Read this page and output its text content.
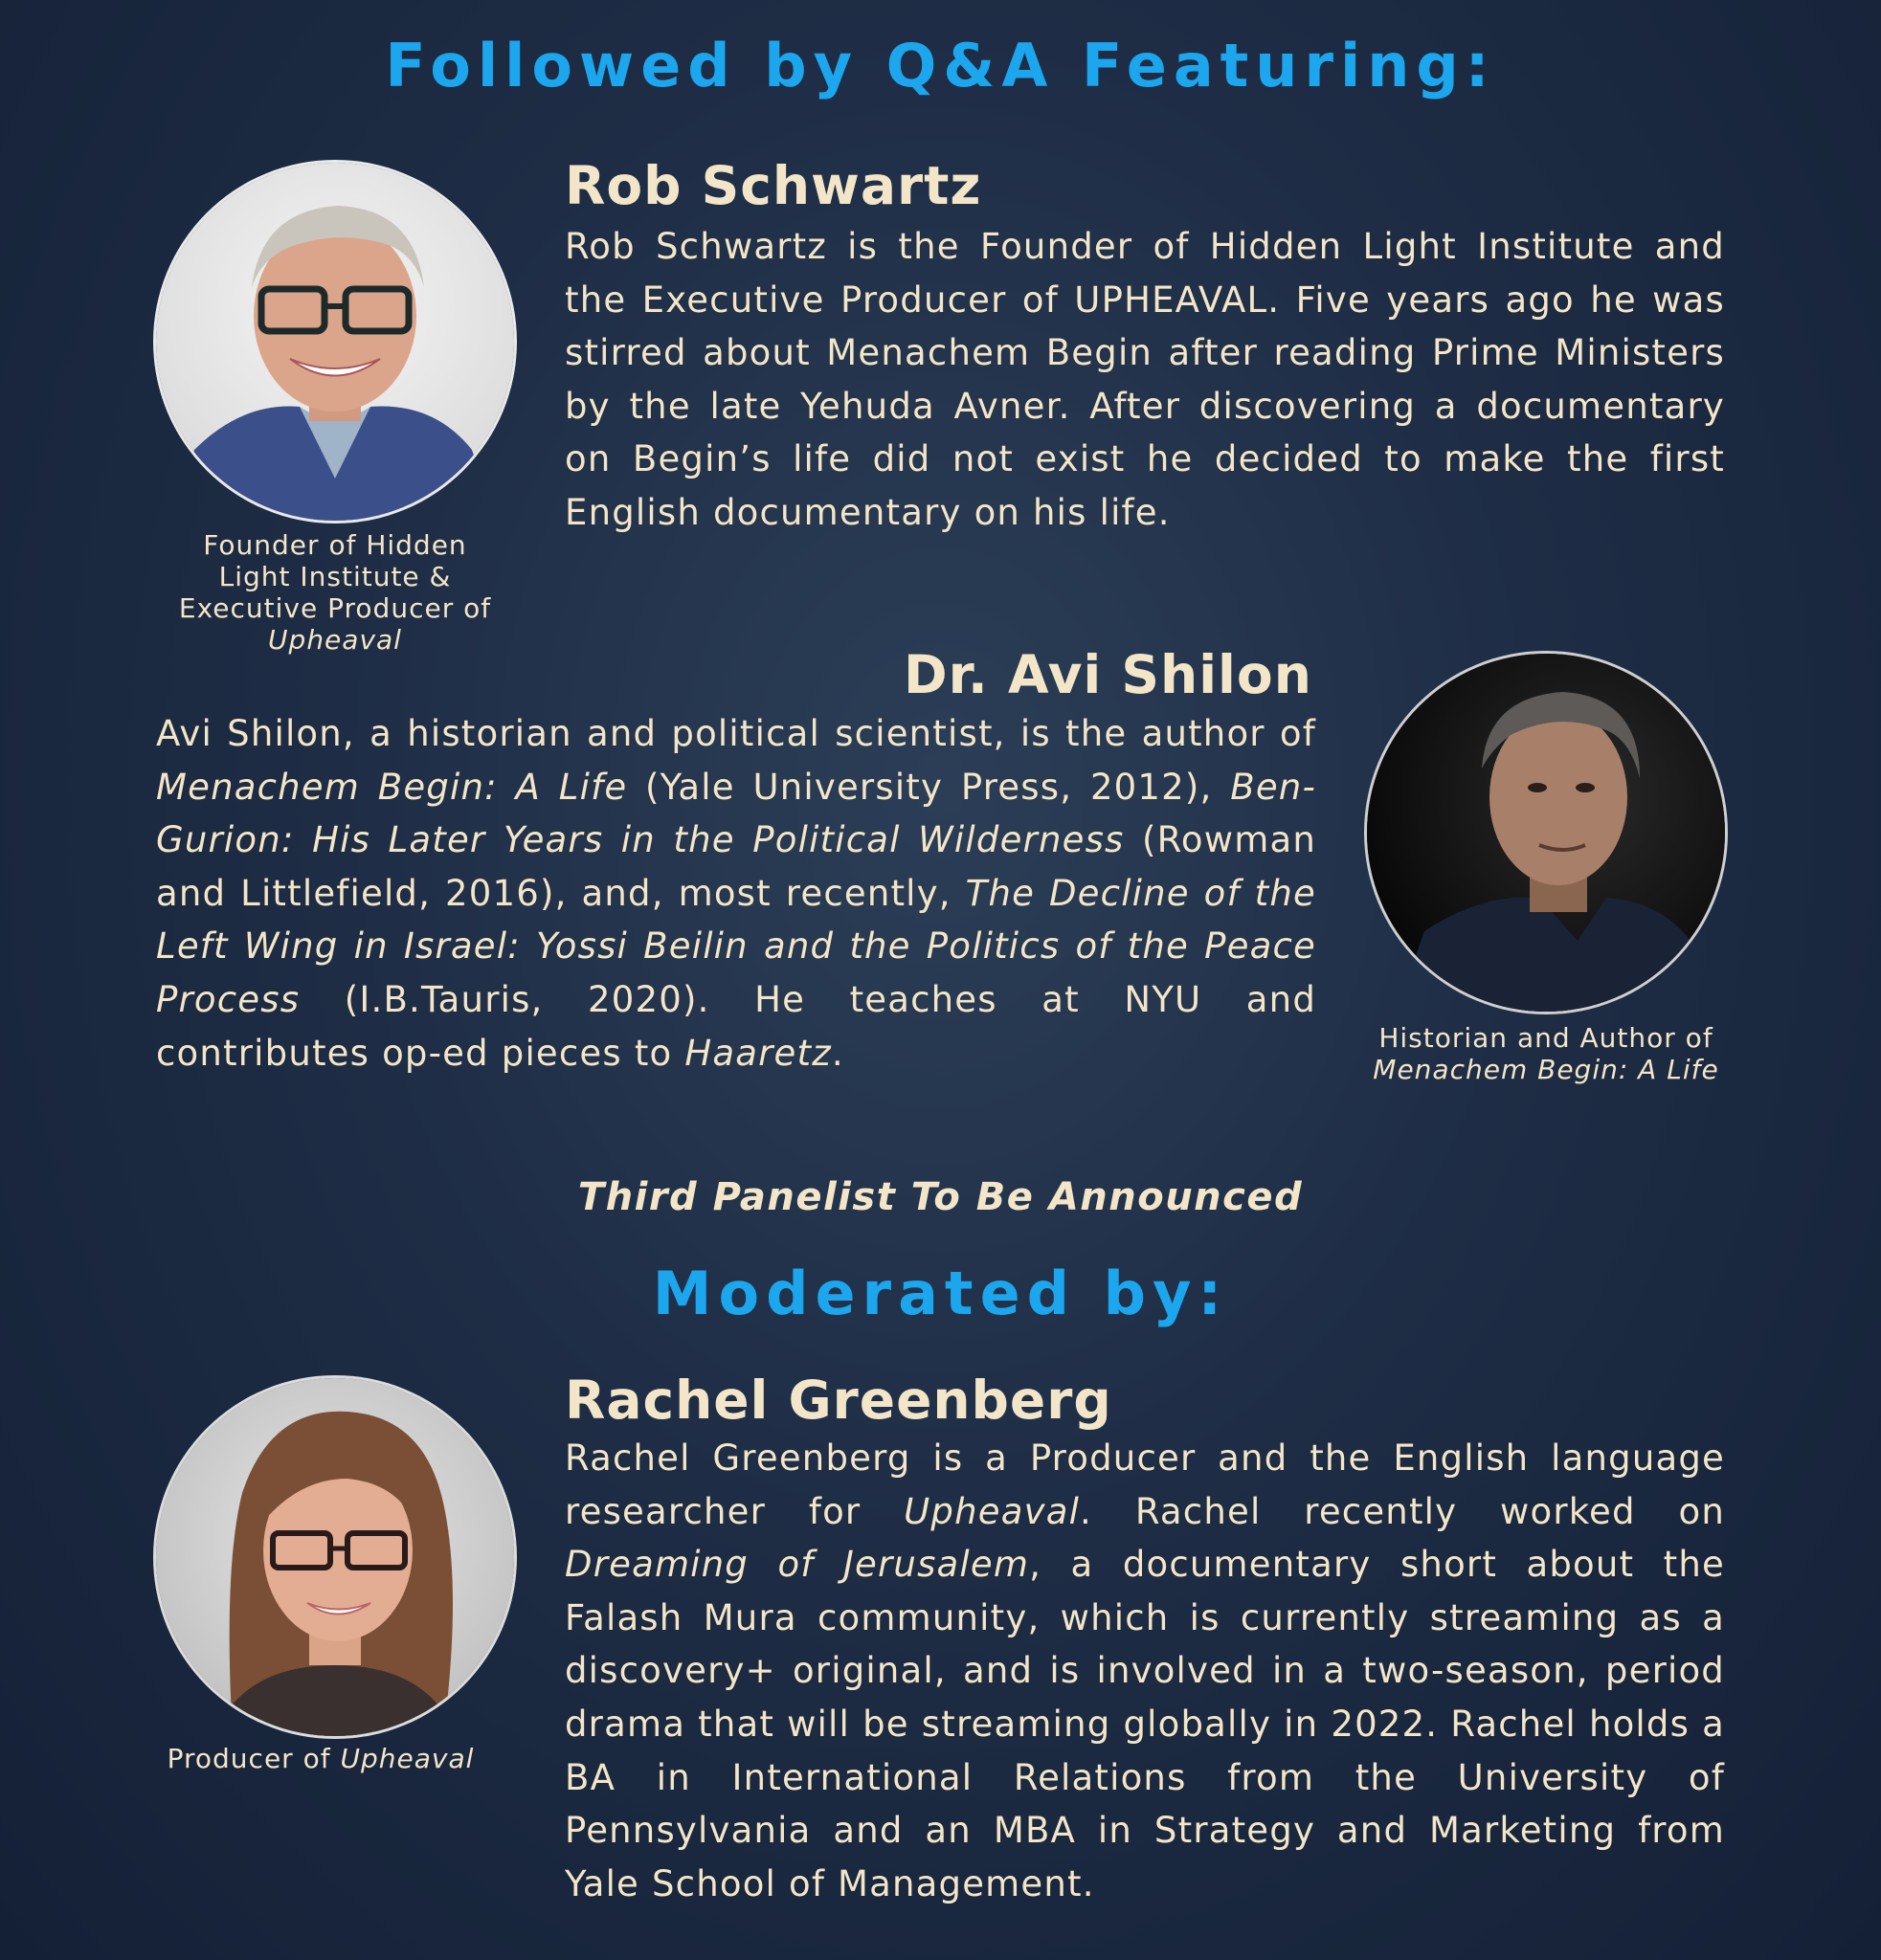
Followed by Q&A Featuring:
Founder of Hidden
Light Institute &
Executive Producer of
Upheaval
Rob Schwartz

Rob Schwartz is the Founder of Hidden Light Institute and the Executive Producer of UPHEAVAL. Five years ago he was stirred about Menachem Begin after reading Prime Ministers by the late Yehuda Avner. After discovering a documentary on Begin’s life did not exist he decided to make the first English documentary on his life.

Dr. Avi Shilon

Avi Shilon, a historian and political scientist, is the author of Menachem Begin: A Life (Yale University Press, 2012), Ben-Gurion: His Later Years in the Political Wilderness (Rowman and Littlefield, 2016), and, most recently, The Decline of the Left Wing in Israel: Yossi Beilin and the Politics of the Peace Process (I.B.Tauris, 2020). He teaches at NYU and contributes op-ed pieces to Haaretz.	Historian and Author of
Menachem Begin: A Life

Third Panelist To Be Announced

Moderated by:
Producer of Upheaval
Rachel Greenberg

Rachel Greenberg is a Producer and the English language researcher for Upheaval. Rachel recently worked on Dreaming of Jerusalem, a documentary short about the Falash Mura community, which is currently streaming as a discovery+ original, and is involved in a two-season, period drama that will be streaming globally in 2022. Rachel holds a BA in International Relations from the University of Pennsylvania and an MBA in Strategy and Marketing from Yale School of Management.
